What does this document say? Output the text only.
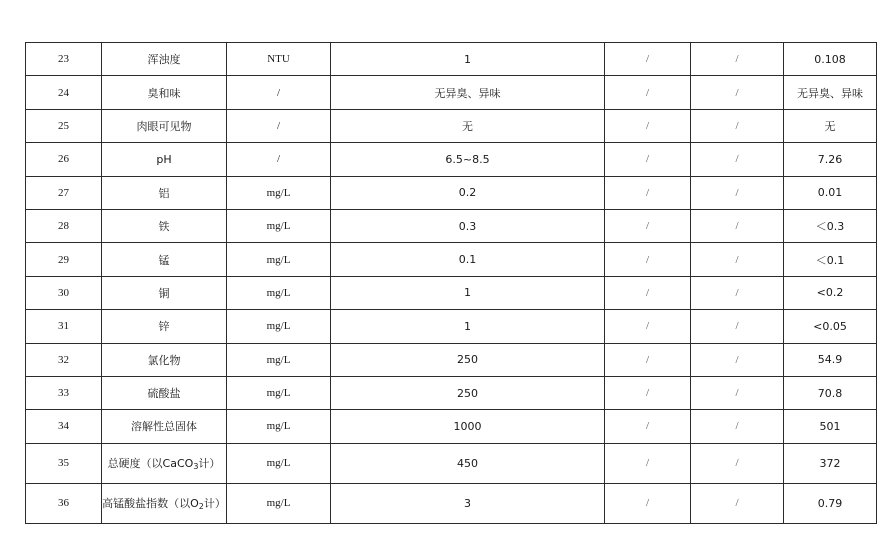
23	浑浊度	NTU	1	/	/	0.108
24	臭和味	/	无异臭、异味	/	/	无异臭、异味
25	肉眼可见物	/	无	/	/	无
26	pH	/	6.5~8.5	/	/	7.26
27	铝	mg/L	0.2	/	/	0.01
28	铁	mg/L	0.3	/	/	＜0.3
29	锰	mg/L	0.1	/	/	＜0.1
30	铜	mg/L	1	/	/	<0.2
31	锌	mg/L	1	/	/	<0.05
32	氯化物	mg/L	250	/	/	54.9
33	硫酸盐	mg/L	250	/	/	70.8
34	溶解性总固体	mg/L	1000	/	/	501
35	总硬度（以CaCO$_3$计）	mg/L	450	/	/	372
36	高锰酸盐指数（以$O_2$计）	mg/L	3	/	/	0.79
